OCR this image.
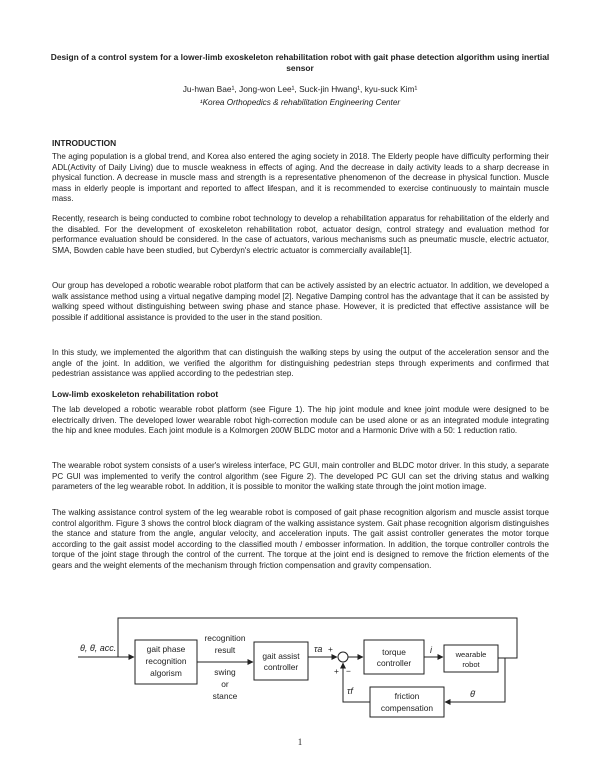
Design of a control system for a lower-limb exoskeleton rehabilitation robot with gait phase detection algorithm using inertial sensor
Ju-hwan Bae¹, Jong-won Lee¹, Suck-jin Hwang¹, kyu-suck Kim¹
¹Korea Orthopedics & rehabilitation Engineering Center
INTRODUCTION

The aging population is a global trend, and Korea also entered the aging society in 2018. The Elderly people have difficulty performing their ADL(Activity of Daily Living) due to muscle weakness in effects of aging. And the decrease in daily activity leads to a sharp decrease in physical function. A decrease in muscle mass and strength is a representative phenomenon of the decrease in physical function. Muscle mass in elderly people is important and reported to affect lifespan, and it is recommended to exercise continuously to maintain muscle mass.

Recently, research is being conducted to combine robot technology to develop a rehabilitation apparatus for rehabilitation of the elderly and the disabled. For the development of exoskeleton rehabilitation robot, actuator design, control strategy and evaluation method for performance evaluation should be considered. In the case of actuators, various mechanisms such as pneumatic muscle, electric actuator, SMA, Bowden cable have been studied, but Cyberdyn's electric actuator is commercially available[1].

Our group has developed a robotic wearable robot platform that can be actively assisted by an electric actuator. In addition, we developed a walk assistance method using a virtual negative damping model [2]. Negative Damping control has the advantage that it can be assisted by walking speed without distinguishing between swing phase and stance phase. However, it is predicted that effective assistance will be possible if additional assistance is provided to the user in the stand position.

In this study, we implemented the algorithm that can distinguish the walking steps by using the output of the acceleration sensor and the angle of the joint. In addition, we verified the algorithm for distinguishing pedestrian steps through experiments and confirmed that pedestrian assistance was applied according to the pedestrian step.

Low-limb exoskeleton rehabilitation robot

The lab developed a robotic wearable robot platform (see Figure 1). The hip joint module and knee joint module were designed to be electrically driven. The developed lower wearable robot high-correction module can be used alone or as an integrated module integrating the hip and knee modules. Each joint module is a Kolmorgen 200W BLDC motor and a Harmonic Drive with a 50: 1 reduction ratio.

The wearable robot system consists of a user's wireless interface, PC GUI, main controller and BLDC motor driver. In this study, a separate PC GUI was implemented to verify the control algorithm (see Figure 2). The developed PC GUI can set the driving status and walking parameters of the leg wearable robot. In addition, it is possible to monitor the walking state through the joint motion image.

The walking assistance control system of the leg wearable robot is composed of gait phase recognition algorism and muscle assist torque control algorithm. Figure 3 shows the control block diagram of the walking assistance system. Gait phase recognition algorism distinguishes the stance and stature from the angle, angular velocity, and acceleration inputs. The gait assist controller generates the motor torque according to the gait assist model according to the classified mouth / embosser information. In addition, the torque controller controls the torque of the joint stage through the control of the current. The torque at the joint end is designed to remove the friction elements of the gears and the weight elements of the mechanism through friction compensation and gravity compensation.

θ, θ̇, acc.	gait phase
recognition
algorism
recognition
result
swing
or
stance
gait assist
controller
τa +
+ −
torque
controller
i	wearable
robot
τf	θ̇
friction
compensation
1
